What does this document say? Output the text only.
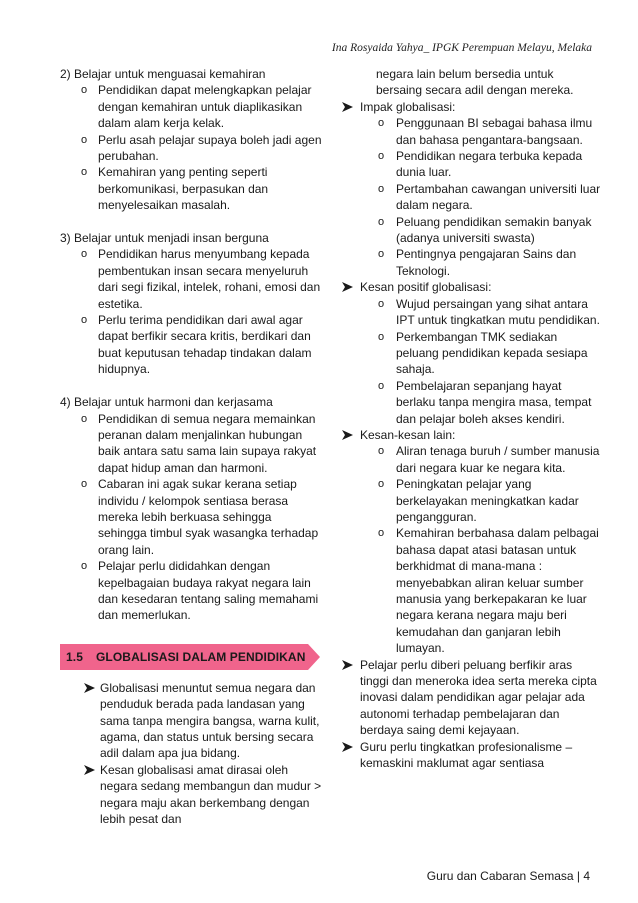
Ina Rosyaida Yahya_ IPGK Perempuan Melayu, Melaka
2) Belajar untuk menguasai kemahiran
o Pendidikan dapat melengkapkan pelajar dengan kemahiran untuk diaplikasikan dalam alam kerja kelak.
o Perlu asah pelajar supaya boleh jadi agen perubahan.
o Kemahiran yang penting seperti berkomunikasi, berpasukan dan menyelesaikan masalah.
3) Belajar untuk menjadi insan berguna
o Pendidikan harus menyumbang kepada pembentukan insan secara menyeluruh dari segi fizikal, intelek, rohani, emosi dan estetika.
o Perlu terima pendidikan dari awal agar dapat berfikir secara kritis, berdikari dan buat keputusan tehadap tindakan dalam hidupnya.
4) Belajar untuk harmoni dan kerjasama
o Pendidikan di semua negara memainkan peranan dalam menjalinkan hubungan baik antara satu sama lain supaya rakyat dapat hidup aman dan harmoni.
o Cabaran ini agak sukar kerana setiap individu / kelompok sentiasa berasa mereka lebih berkuasa sehingga sehingga timbul syak wasangka terhadap orang lain.
o Pelajar perlu dididahkan dengan kepelbagaian budaya rakyat negara lain dan kesedaran tentang saling memahami dan memerlukan.
1.5 GLOBALISASI DALAM PENDIDIKAN
Globalisasi menuntut semua negara dan penduduk berada pada landasan yang sama tanpa mengira bangsa, warna kulit, agama, dan status untuk bersing secara adil dalam apa jua bidang.
Kesan globalisasi amat dirasai oleh negara sedang membangun dan mudur > negara maju akan berkembang dengan lebih pesat dan
negara lain belum bersedia untuk bersaing secara adil dengan mereka.
Impak globalisasi:
o Penggunaan BI sebagai bahasa ilmu dan bahasa pengantara-bangsaan.
o Pendidikan negara terbuka kepada dunia luar.
o Pertambahan cawangan universiti luar dalam negara.
o Peluang pendidikan semakin banyak (adanya universiti swasta)
o Pentingnya pengajaran Sains dan Teknologi.
Kesan positif globalisasi:
o Wujud persaingan yang sihat antara IPT untuk tingkatkan mutu pendidikan.
o Perkembangan TMK sediakan peluang pendidikan kepada sesiapa sahaja.
o Pembelajaran sepanjang hayat berlaku tanpa mengira masa, tempat dan pelajar boleh akses kendiri.
Kesan-kesan lain:
o Aliran tenaga buruh / sumber manusia dari negara kuar ke negara kita.
o Peningkatan pelajar yang berkelayakan meningkatkan kadar pengangguran.
o Kemahiran berbahasa dalam pelbagai bahasa dapat atasi batasan untuk berkhidmat di mana-mana : menyebabkan aliran keluar sumber manusia yang berkepakaran ke luar negara kerana negara maju beri kemudahan dan ganjaran lebih lumayan.
Pelajar perlu diberi peluang berfikir aras tinggi dan meneroka idea serta mereka cipta inovasi dalam pendidikan agar pelajar ada autonomi terhadap pembelajaran dan berdaya saing demi kejayaan.
Guru perlu tingkatkan profesionalisme – kemaskini maklumat agar sentiasa
Guru dan Cabaran Semasa | 4
